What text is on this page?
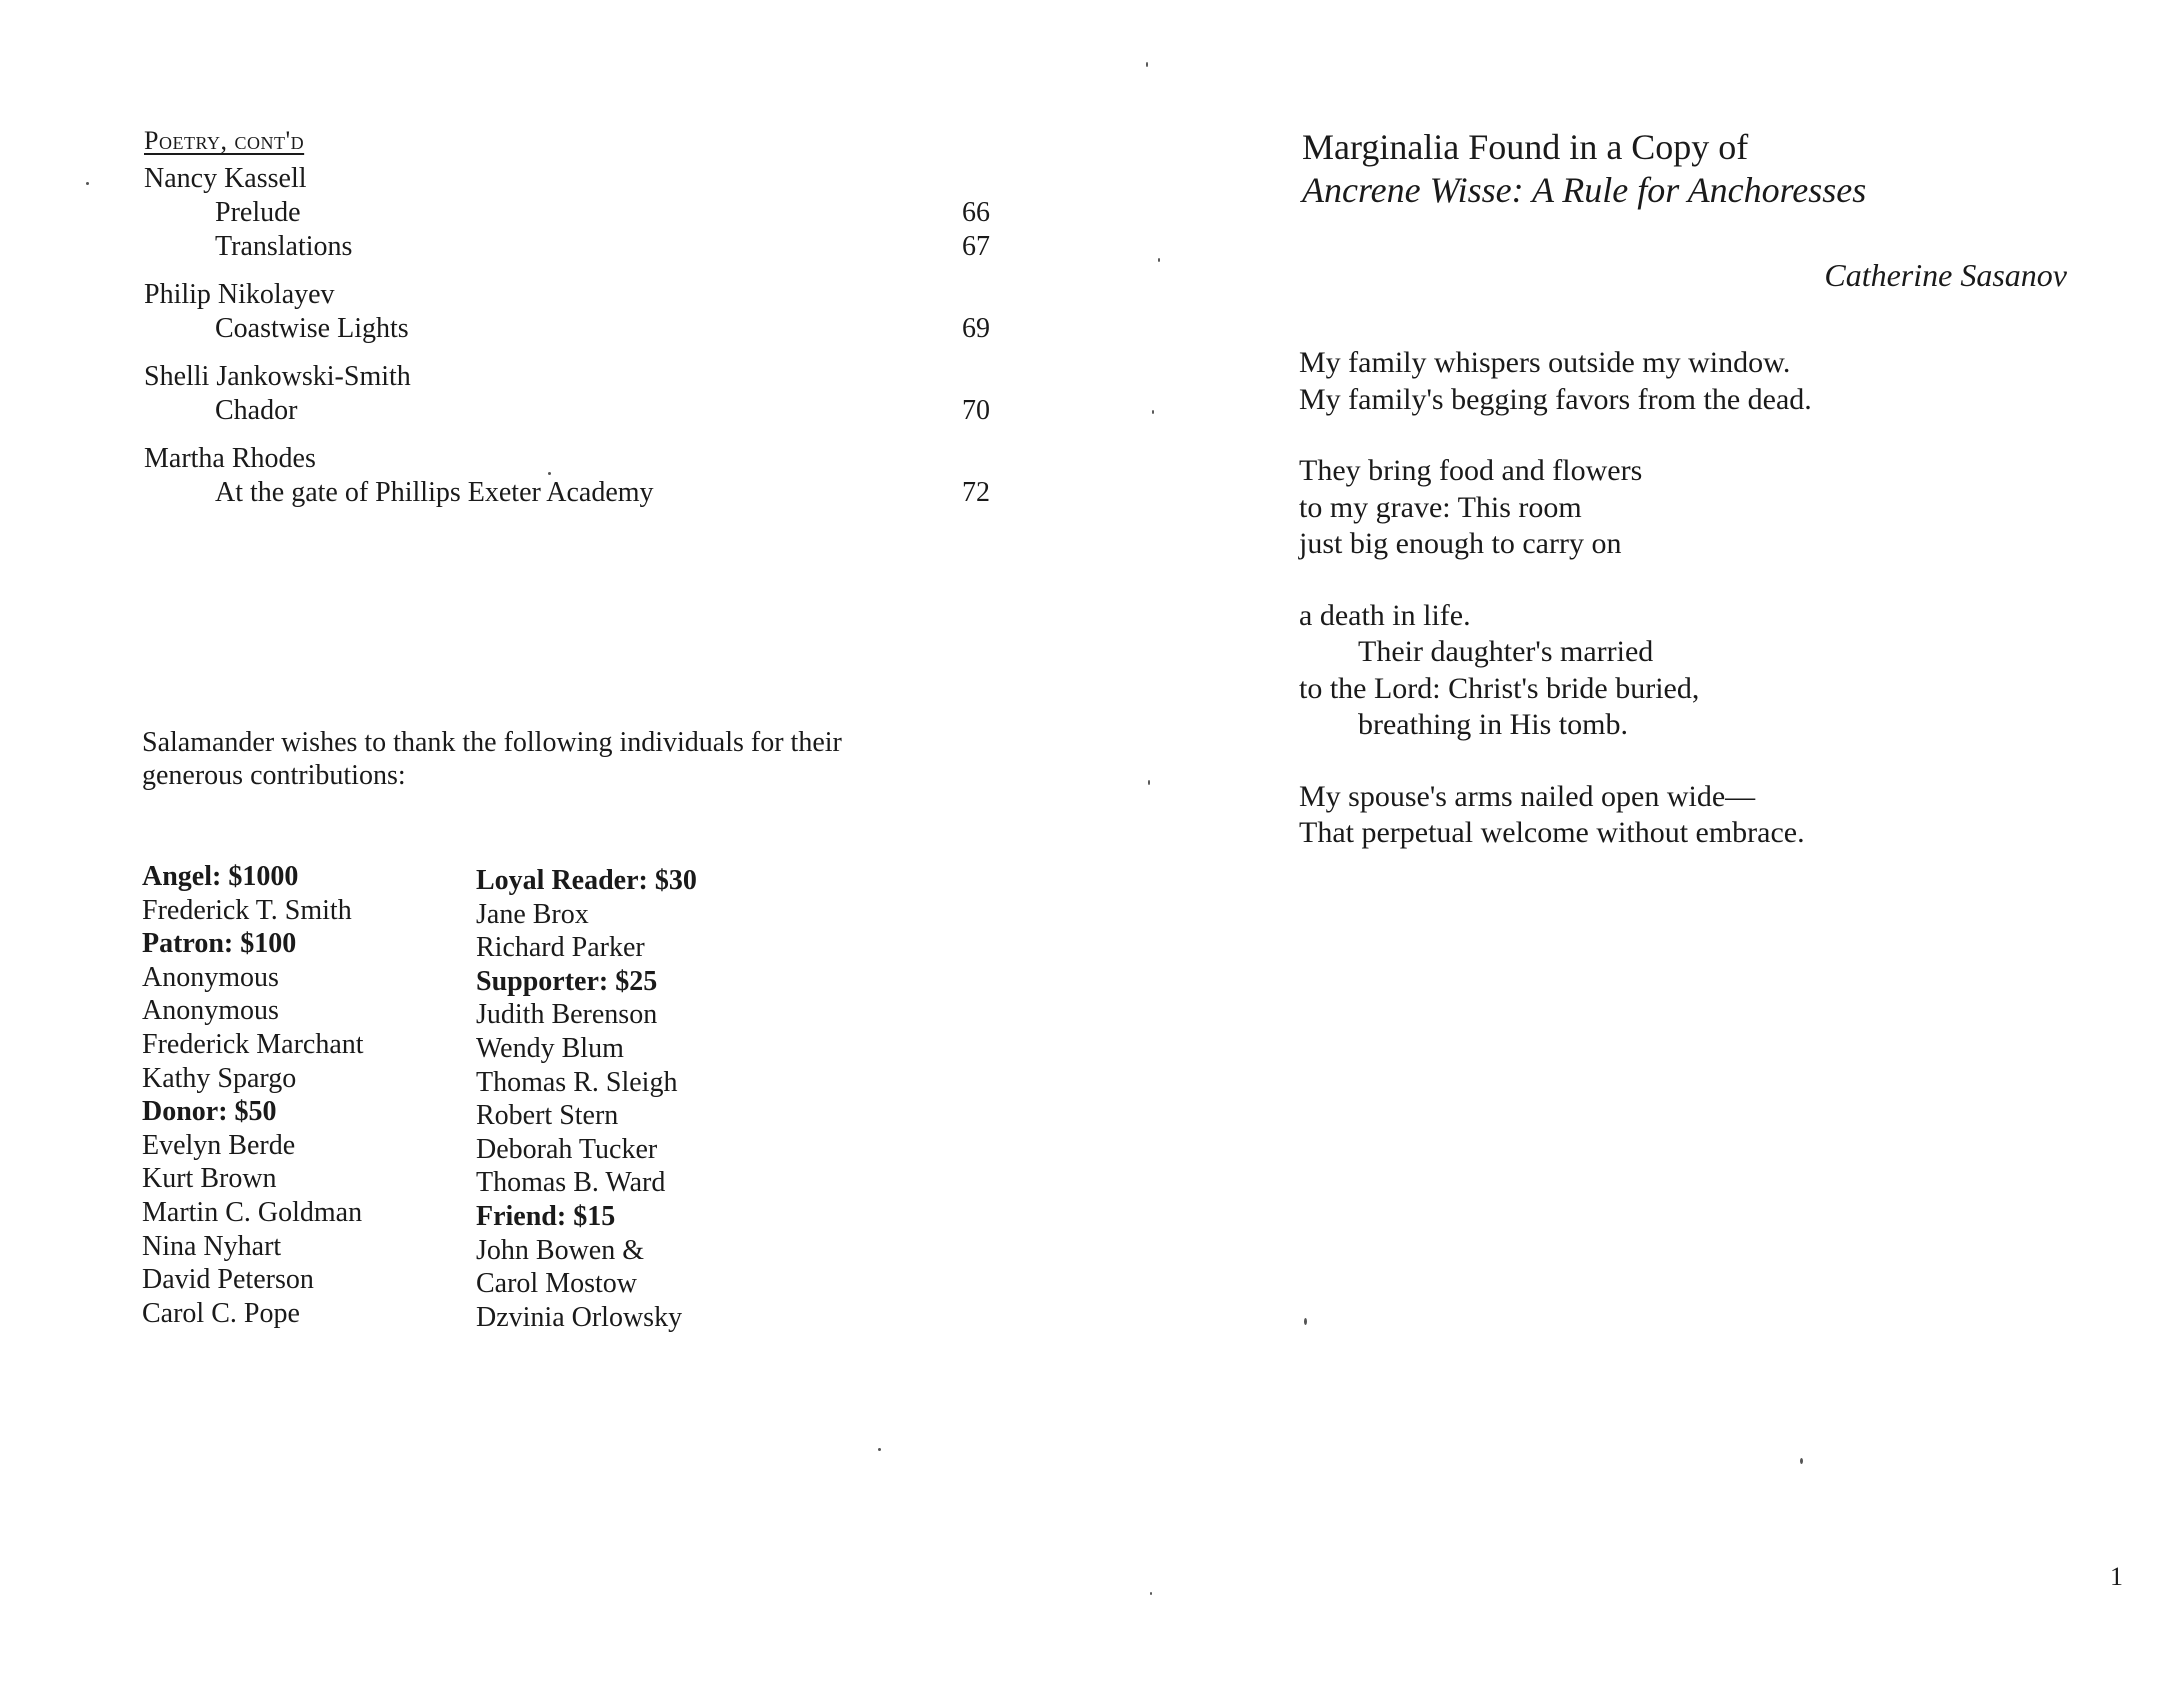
Poetry, cont'd
Nancy Kassell
Prelude	66
Translations	67
Philip Nikolayev
Coastwise Lights	69
Shelli Jankowski-Smith
Chador	70
Martha Rhodes
At the gate of Phillips Exeter Academy	72

Salamander wishes to thank the following individuals for their generous contributions:

Angel: $1000
Frederick T. Smith
Patron: $100
Anonymous
Anonymous
Frederick Marchant
Kathy Spargo
Donor: $50
Evelyn Berde
Kurt Brown
Martin C. Goldman
Nina Nyhart
David Peterson
Carol C. Pope
Loyal Reader: $30
Jane Brox
Richard Parker
Supporter: $25
Judith Berenson
Wendy Blum
Thomas R. Sleigh
Robert Stern
Deborah Tucker
Thomas B. Ward
Friend: $15
John Bowen &
Carol Mostow
Dzvinia Orlowsky
Marginalia Found in a Copy of
Ancrene Wisse: A Rule for Anchoresses

Catherine Sasanov

My family whispers outside my window.
My family's begging favors from the dead.
They bring food and flowers
to my grave: This room
just big enough to carry on
a death in life.
Their daughter's married
to the Lord: Christ's bride buried,
breathing in His tomb.
My spouse's arms nailed open wide—
That perpetual welcome without embrace.
1
